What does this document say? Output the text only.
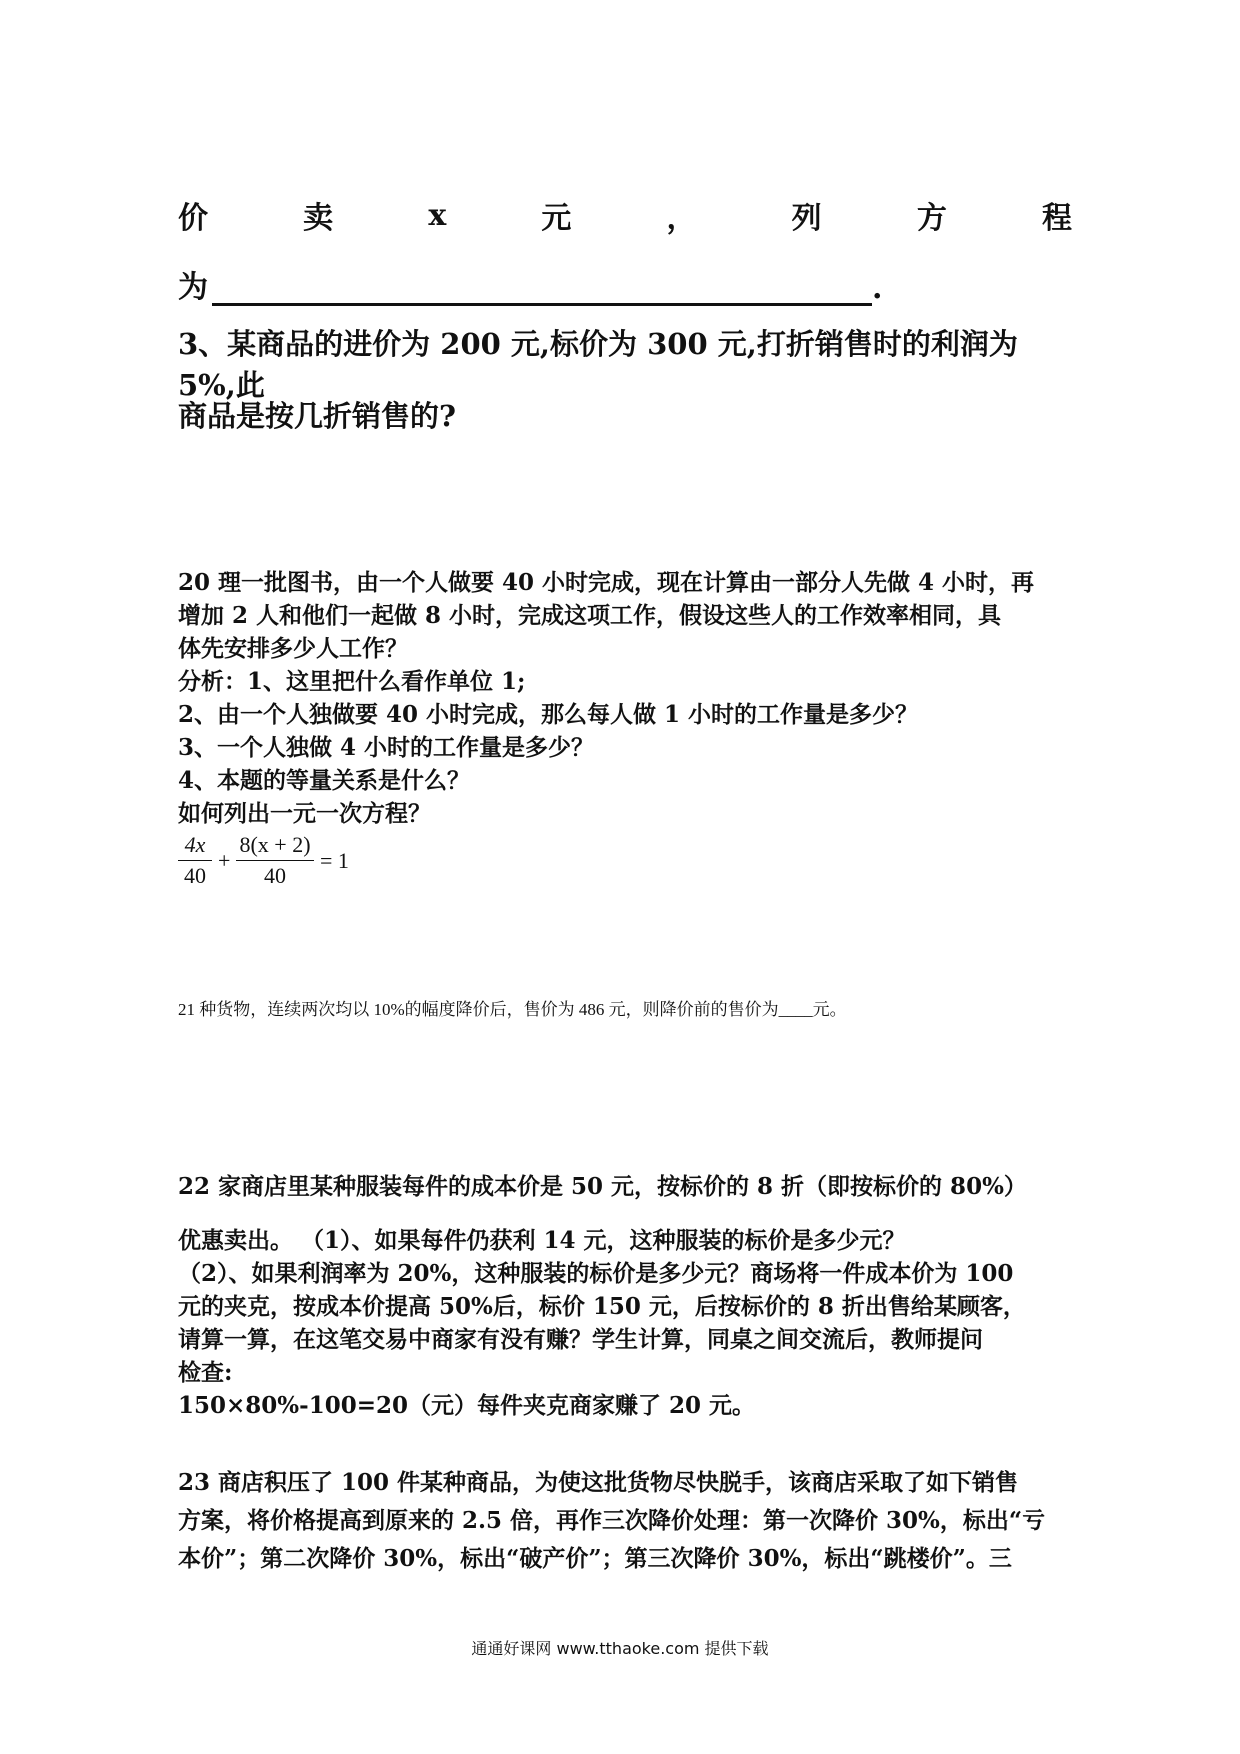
价	卖	x	元	，	列	方	程
为	.
3、某商品的进价为 200 元,标价为 300 元,打折销售时的利润为 5%,此
商品是按几折销售的?
20 理一批图书，由一个人做要 40 小时完成，现在计算由一部分人先做 4 小时，再
增加 2 人和他们一起做 8 小时，完成这项工作，假设这些人的工作效率相同，具
体先安排多少人工作？
分析：1、这里把什么看作单位 1;
2、由一个人独做要 40 小时完成，那么每人做 1 小时的工作量是多少？
3、一个人独做 4 小时的工作量是多少？
4、本题的等量关系是什么？
如何列出一元一次方程？
4x
40
+
8(x + 2)
40
= 1
21 种货物，连续两次均以 10%的幅度降价后，售价为 486 元，则降价前的售价为____元。
22 家商店里某种服装每件的成本价是 50 元，按标价的 8 折（即按标价的 80%）
优惠卖出。 （1）、如果每件仍获利 14 元，这种服装的标价是多少元？
（2）、如果利润率为 20%，这种服装的标价是多少元？商场将一件成本价为 100
元的夹克，按成本价提高 50%后，标价 150 元，后按标价的 8 折出售给某顾客，
请算一算，在这笔交易中商家有没有赚？学生计算，同桌之间交流后，教师提问
检查:
150×80%-100=20（元）每件夹克商家赚了 20 元。
23 商店积压了 100 件某种商品，为使这批货物尽快脱手，该商店采取了如下销售
方案，将价格提高到原来的 2.5 倍，再作三次降价处理：第一次降价 30%，标出“亏
本价”；第二次降价 30%，标出“破产价”；第三次降价 30%，标出“跳楼价”。三
通通好课网 www.tthaoke.com 提供下载
